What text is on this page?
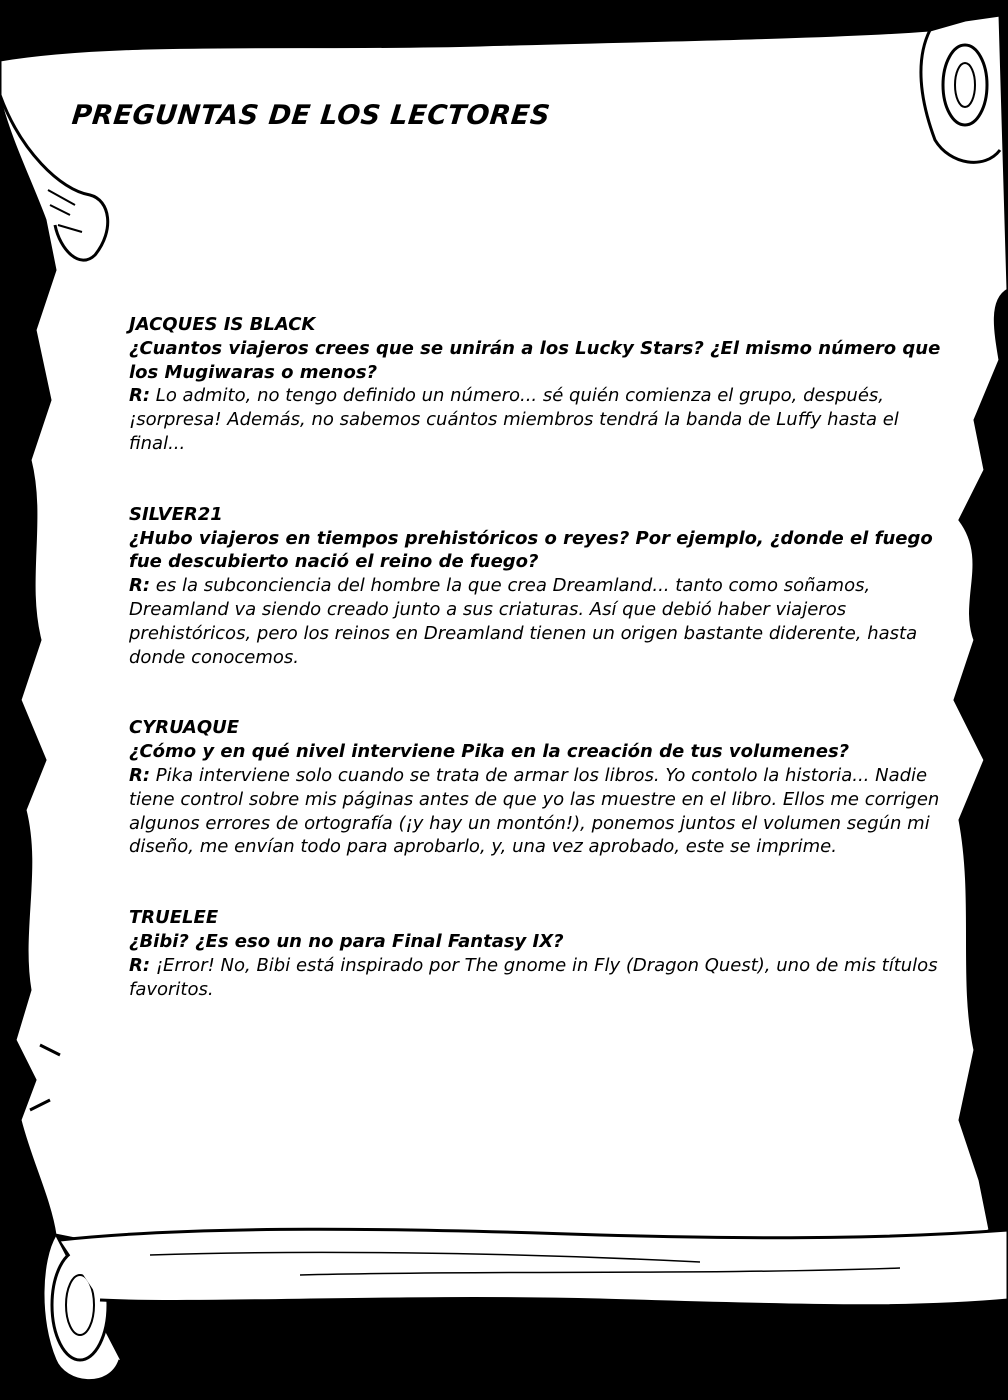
PREGUNTAS DE LOS LECTORES
JACQUES IS BLACK
¿Cuantos viajeros crees que se unirán a los Lucky Stars? ¿El mismo número que los Mugiwaras o menos?
R: Lo admito, no tengo definido un número... sé quién comienza el grupo, después, ¡sorpresa! Además, no sabemos cuántos miembros tendrá la banda de Luffy hasta el final...
SILVER21
¿Hubo viajeros en tiempos prehistóricos o reyes? Por ejemplo, ¿donde el fuego fue descubierto nació el reino de fuego?
R: es la subconciencia del hombre la que crea Dreamland... tanto como soñamos, Dreamland va siendo creado junto a sus criaturas. Así que debió haber viajeros prehistóricos, pero los reinos en Dreamland tienen un origen bastante diderente, hasta donde conocemos.
CYRUAQUE
¿Cómo y en qué nivel interviene Pika en la creación de tus volumenes?
R: Pika interviene solo cuando se trata de armar los libros. Yo contolo la historia... Nadie tiene control sobre mis páginas antes de que yo las muestre en el libro. Ellos me corrigen algunos errores de ortografía (¡y hay un montón!), ponemos juntos el volumen según mi diseño, me envían todo para aprobarlo, y, una vez aprobado, este se imprime.
TRUELEE
¿Bibi? ¿Es eso un no para Final Fantasy IX?
R: ¡Error! No, Bibi está inspirado por The gnome in Fly (Dragon Quest), uno de mis títulos favoritos.
